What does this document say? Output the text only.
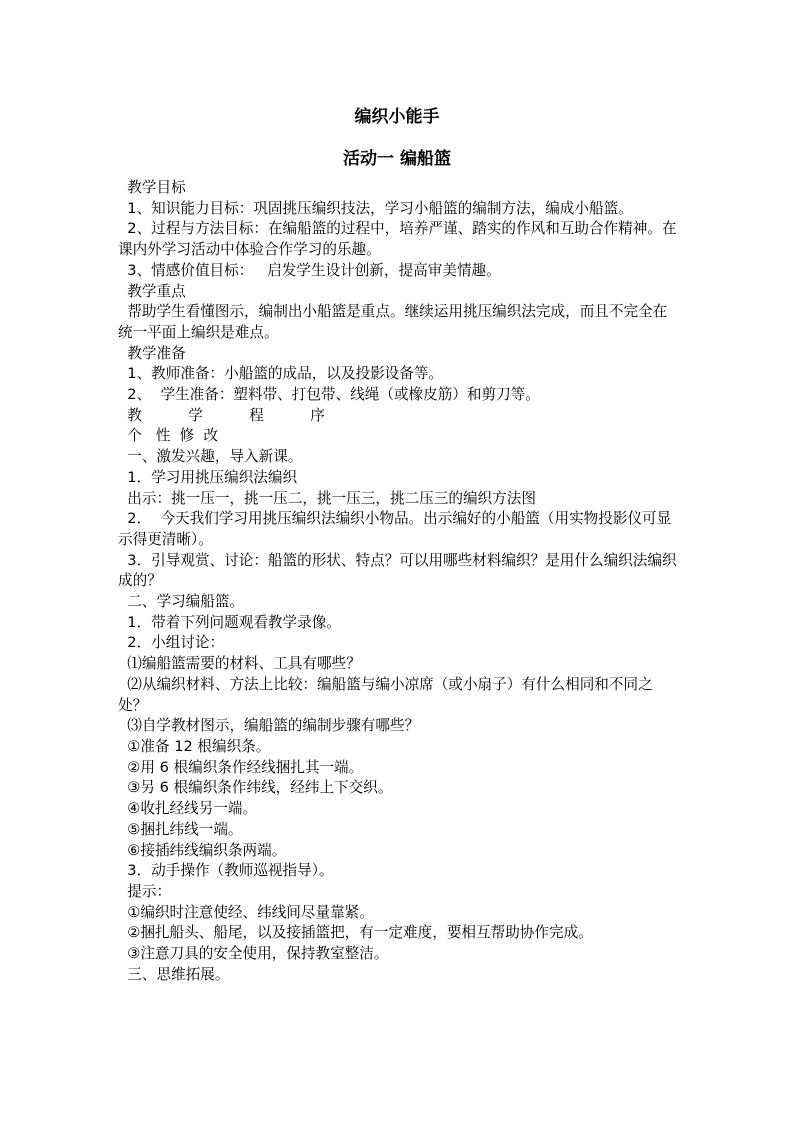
编织小能手
活动一 编船篮

教学目标

1、知识能力目标：巩固挑压编织技法，学习小船篮的编制方法，编成小船篮。

2、过程与方法目标：在编船篮的过程中，培养严谨、踏实的作风和互助合作精神。在课内外学习活动中体验合作学习的乐趣。

3、情感价值目标：   启发学生设计创新，提高审美情趣。

教学重点

帮助学生看懂图示，编制出小船篮是重点。继续运用挑压编织法完成，而且不完全在统一平面上编织是难点。

教学准备

1、教师准备：小船篮的成品，以及投影设备等。

2、  学生准备：塑料带、打包带、线绳（或橡皮筋）和剪刀等。

教          学          程          序

个   性  修  改

一、激发兴趣，导入新课。

1．学习用挑压编织法编织

出示：挑一压一，挑一压二，挑一压三，挑二压三的编织方法图

2．  今天我们学习用挑压编织法编织小物品。出示编好的小船篮（用实物投影仪可显示得更清晰）。

3．引导观赏、讨论：船篮的形状、特点？可以用哪些材料编织？是用什么编织法编织成的？

二、学习编船篮。

1．带着下列问题观看教学录像。

2．小组讨论：

⑴编船篮需要的材料、工具有哪些？

⑵从编织材料、方法上比较：编船篮与编小凉席（或小扇子）有什么相同和不同之处？

⑶自学教材图示，编船篮的编制步骤有哪些？

①准备 12 根编织条。

②用 6 根编织条作经线捆扎其一端。

③另 6 根编织条作纬线，经纬上下交织。

④收扎经线另一端。

⑤捆扎纬线一端。

⑥接插纬线编织条两端。

3．动手操作（教师巡视指导）。

提示：

①编织时注意使经、纬线间尽量靠紧。

②捆扎船头、船尾，以及接插篮把，有一定难度，要相互帮助协作完成。

③注意刀具的安全使用，保持教室整洁。

三、思维拓展。
